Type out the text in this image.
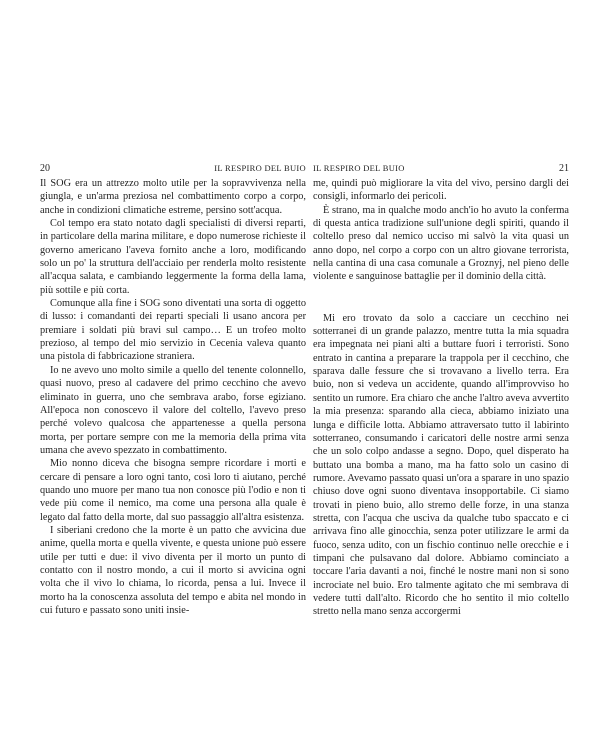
20	IL RESPIRO DEL BUIO

Il SOG era un attrezzo molto utile per la sopravvivenza nella giungla, e un'arma preziosa nel combattimento corpo a corpo, anche in condizioni climatiche estreme, persino sott'acqua.

Col tempo era stato notato dagli specialisti di diversi reparti, in particolare della marina militare, e dopo numerose richieste il governo americano l'aveva fornito anche a loro, modificando solo un po' la struttura dell'acciaio per renderla molto resistente all'acqua salata, e cambiando leggermente la forma della lama, più sottile e più corta.

Comunque alla fine i SOG sono diventati una sorta di oggetto di lusso: i comandanti dei reparti speciali li usano ancora per premiare i soldati più bravi sul campo… E un trofeo molto prezioso, al tempo del mio servizio in Cecenia valeva quanto una pistola di fabbricazione straniera.

Io ne avevo uno molto simile a quello del tenente colonnello, quasi nuovo, preso al cadavere del primo cecchino che avevo eliminato in guerra, uno che sembrava arabo, forse egiziano. All'epoca non conoscevo il valore del coltello, l'avevo preso perché volevo qualcosa che appartenesse a quella persona morta, per portare sempre con me la memoria della prima vita umana che avevo spezzato in combattimento.

Mio nonno diceva che bisogna sempre ricordare i morti e cercare di pensare a loro ogni tanto, così loro ti aiutano, perché quando uno muore per mano tua non conosce più l'odio e non ti vede più come il nemico, ma come una persona alla quale è legato dal fatto della morte, dal suo passaggio all'altra esistenza.

I siberiani credono che la morte è un patto che avvicina due anime, quella morta e quella vivente, e questa unione può essere utile per tutti e due: il vivo diventa per il morto un punto di contatto con il nostro mondo, a cui il morto si avvicina ogni volta che il vivo lo chiama, lo ricorda, pensa a lui. Invece il morto ha la conoscenza assoluta del tempo e abita nel mondo in cui futuro e passato sono uniti insie-

IL RESPIRO DEL BUIO	21

me, quindi può migliorare la vita del vivo, persino dargli dei consigli, informarlo dei pericoli.

È strano, ma in qualche modo anch'io ho avuto la conferma di questa antica tradizione sull'unione degli spiriti, quando il coltello preso dal nemico ucciso mi salvò la vita quasi un anno dopo, nel corpo a corpo con un altro giovane terrorista, nella cantina di una casa comunale a Groznyj, nel pieno delle violente e sanguinose battaglie per il dominio della città.

Mi ero trovato da solo a cacciare un cecchino nei sotterranei di un grande palazzo, mentre tutta la mia squadra era impegnata nei piani alti a buttare fuori i terroristi. Sono entrato in cantina a preparare la trappola per il cecchino, che sparava dalle fessure che si trovavano a livello terra. Era buio, non si vedeva un accidente, quando all'improvviso ho sentito un rumore. Era chiaro che anche l'altro aveva avvertito la mia presenza: sparando alla cieca, abbiamo iniziato una lunga e difficile lotta. Abbiamo attraversato tutto il labirinto sotterraneo, consumando i caricatori delle nostre armi senza che un solo colpo andasse a segno. Dopo, quel disperato ha buttato una bomba a mano, ma ha fatto solo un casino di rumore. Avevamo passato quasi un'ora a sparare in uno spazio chiuso dove ogni suono diventava insopportabile. Ci siamo trovati in pieno buio, allo stremo delle forze, in una stanza stretta, con l'acqua che usciva da qualche tubo spaccato e ci arrivava fino alle ginocchia, senza poter utilizzare le armi da fuoco, senza udito, con un fischio continuo nelle orecchie e i timpani che pulsavano dal dolore. Abbiamo cominciato a toccare l'aria davanti a noi, finché le nostre mani non si sono incrociate nel buio. Ero talmente agitato che mi sembrava di vedere tutti dall'alto. Ricordo che ho sentito il mio coltello stretto nella mano senza accorgermi
